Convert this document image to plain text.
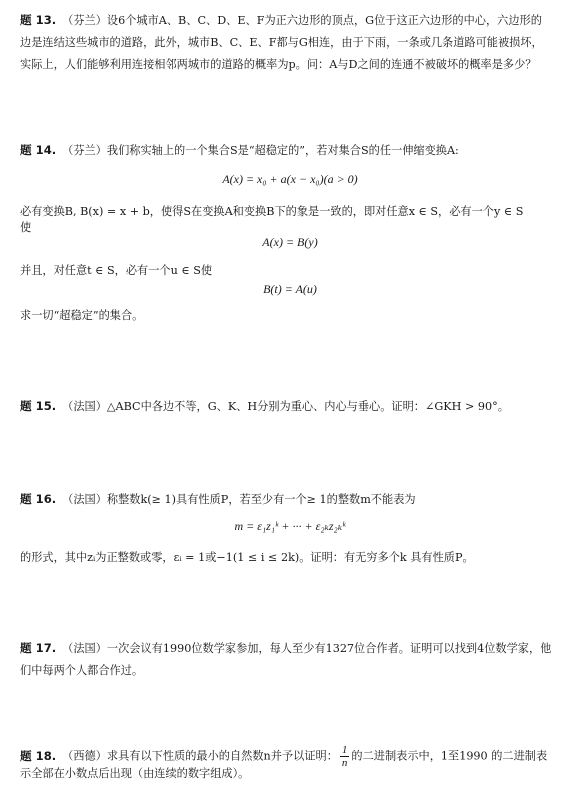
题 13. （芬兰）设6个城市A、B、C、D、E、F为正六边形的顶点，G位于这正六边形的中心，六边形的
边是连结这些城市的道路，此外，城市B、C、E、F都与G相连，由于下雨，一条或几条道路可能被损坏，
实际上，人们能够利用连接相邻两城市的道路的概率为p。问：A与D之间的连通不被破坏的概率是多少？
题 14. （芬兰）我们称实轴上的一个集合S是“超稳定的”，若对集合S的任一伸缩变换A:
A(x) = x₀ + a(x − x₀)(a > 0)
必有变换B, B(x) = x + b，使得S在变换A和变换B下的象是一致的，即对任意x ∈ S，必有一个y ∈ S
使
A(x) = B(y)
并且，对任意t ∈ S，必有一个u ∈ S使
B(t) = A(u)
求一切“超稳定”的集合。
题 15. （法国）△ABC中各边不等，G、K、H分别为重心、内心与垂心。证明：∠GKH > 90°。
题 16. （法国）称整数k(≥ 1)具有性质P，若至少有一个≥ 1的整数m不能表为
m = ε₁z₁ᵏ + ··· + ε₂ₖz₂ₖᵏ
的形式，其中zᵢ为正整数或零，εᵢ = 1或−1(1 ≤ i ≤ 2k)。证明：有无穷多个k 具有性质P。
题 17. （法国）一次会议有1990位数学家参加，每人至少有1327位合作者。证明可以找到4位数学家，他
们中每两个人都合作过。
题 18. （西德）求具有以下性质的最小的自然数n并予以证明： $\frac{1}{n}$ 的二进制表示中，1至1990 的二进制表
示全部在小数点后出现（由连续的数字组成）。
